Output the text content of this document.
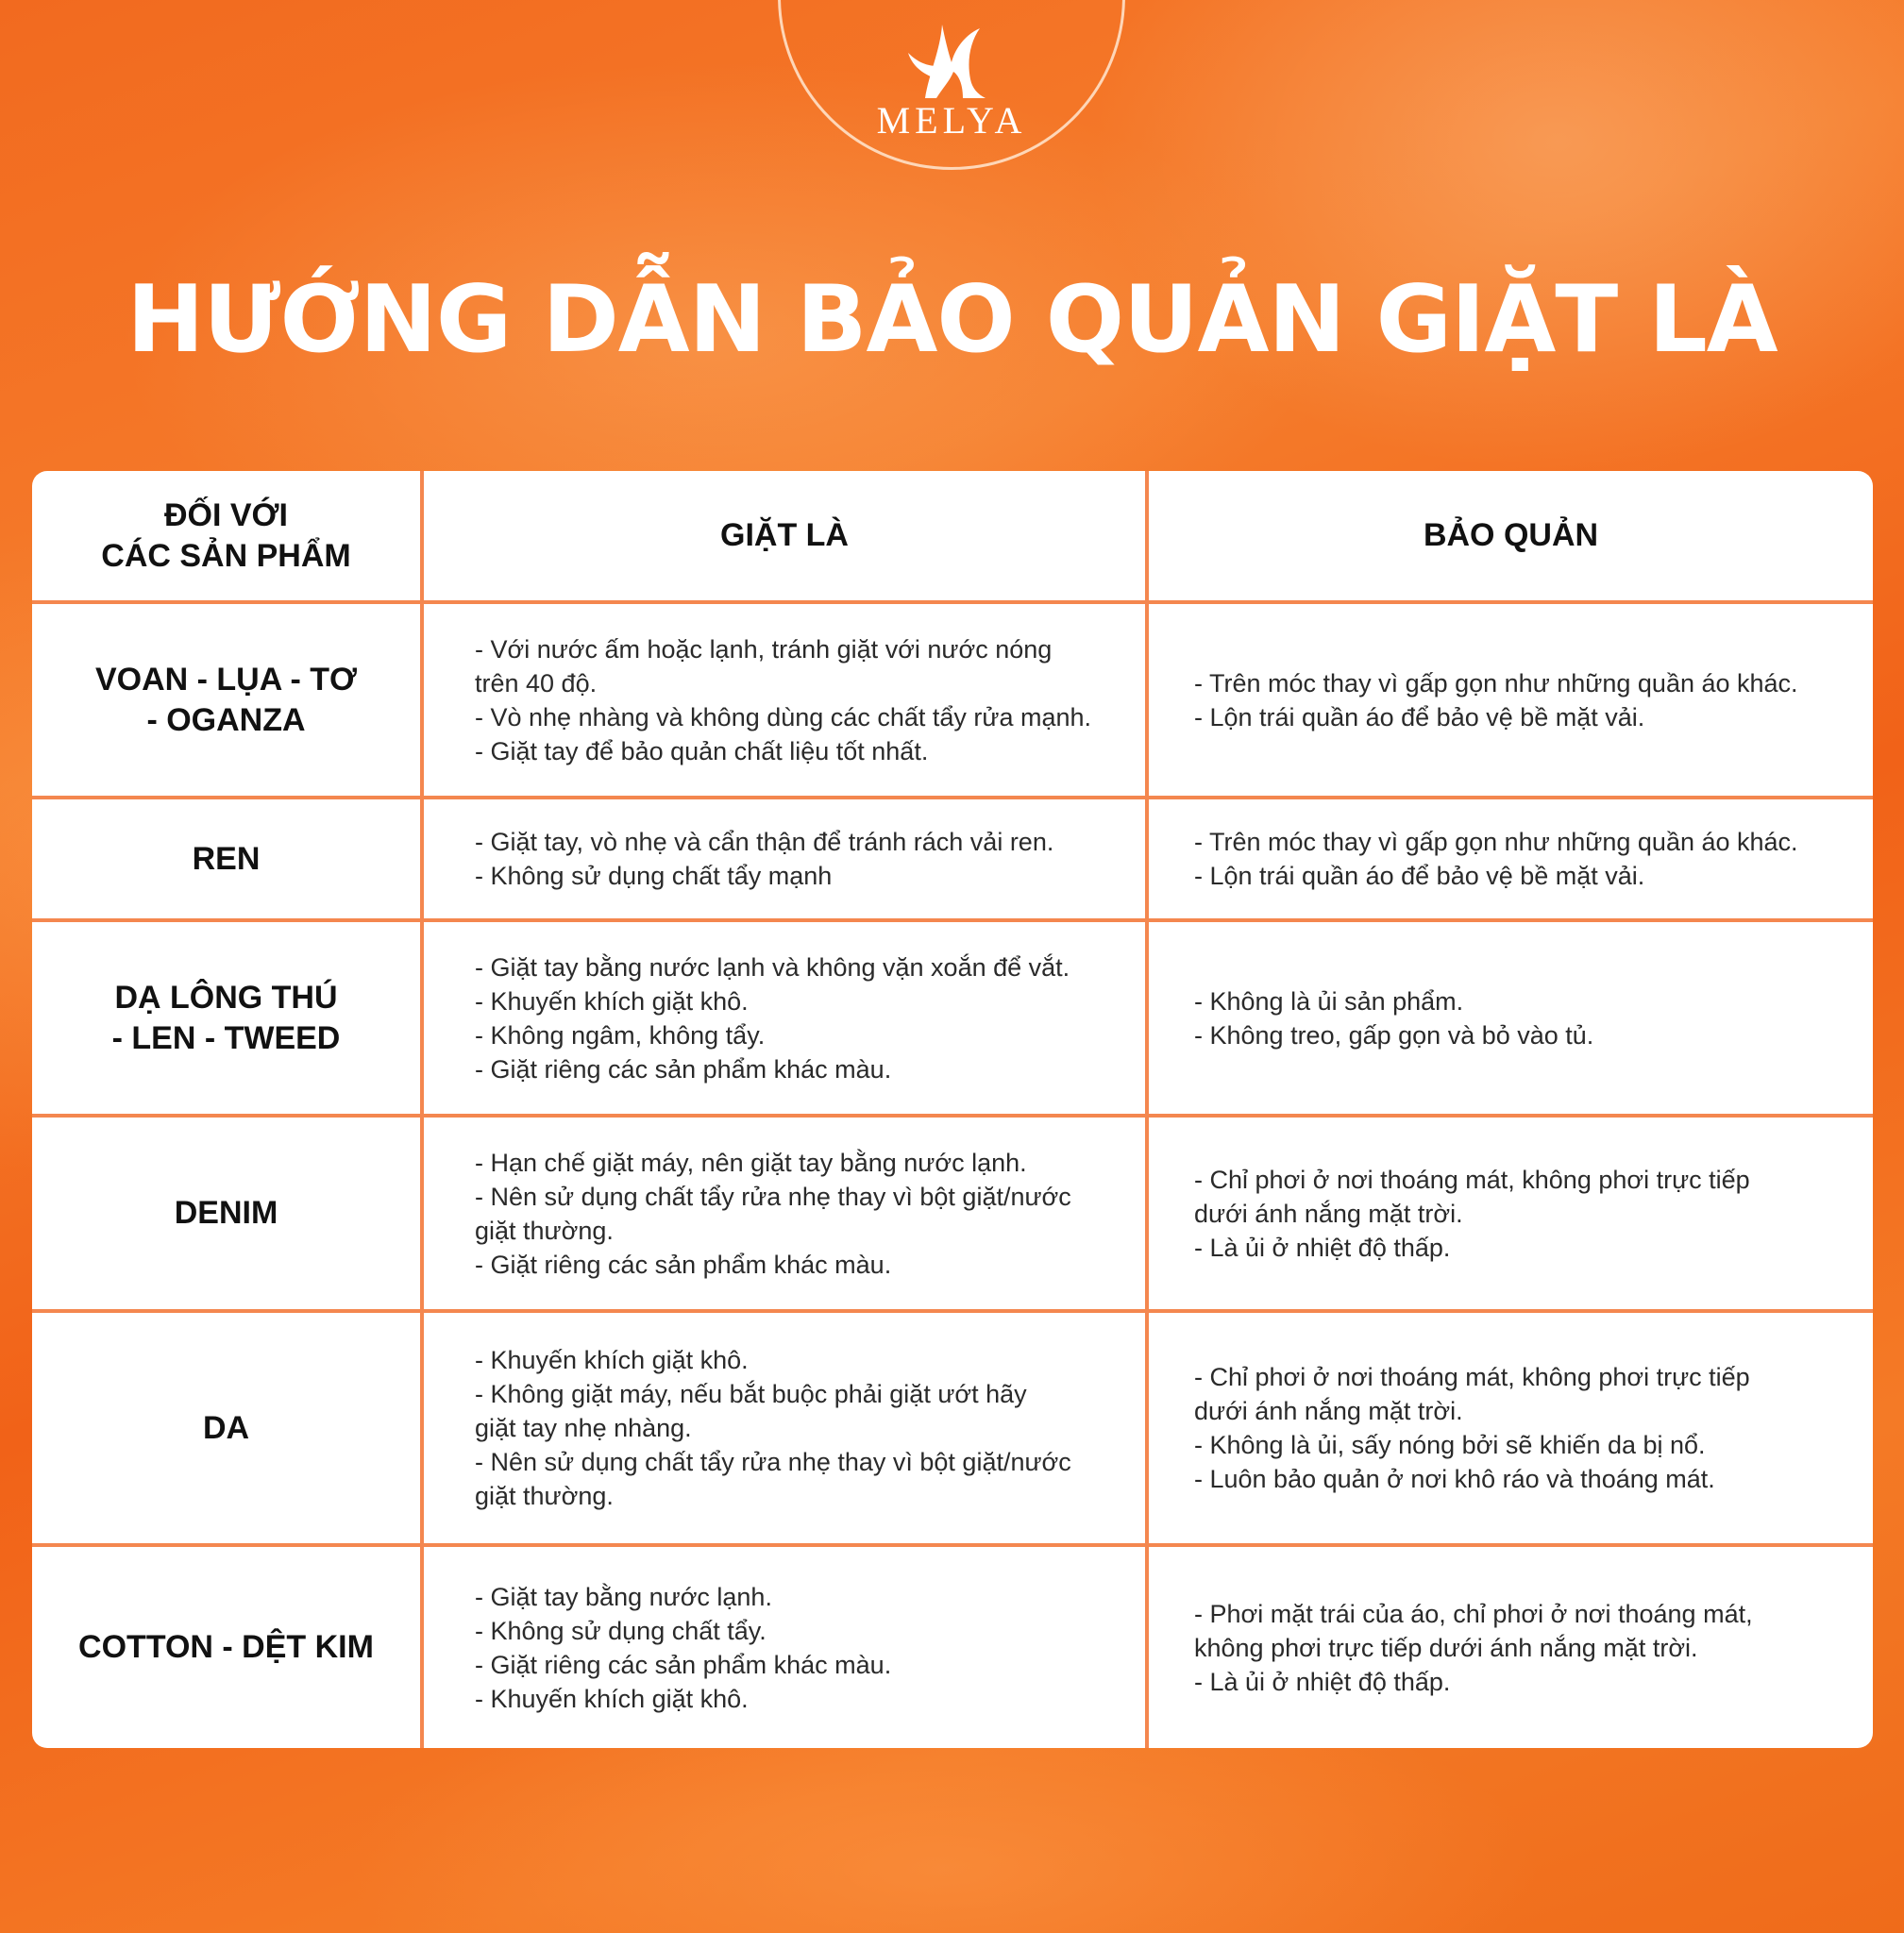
MELYA
HƯỚNG DẪN BẢO QUẢN GIẶT LÀ
ĐỐI VỚI
CÁC SẢN PHẨM
GIẶT LÀ	BẢO QUẢN
VOAN - LỤA - TƠ
- OGANZA
- Với nước ấm hoặc lạnh, tránh giặt với nước nóng
trên 40 độ.
- Vò nhẹ nhàng và không dùng các chất tẩy rửa mạnh.
- Giặt tay để bảo quản chất liệu tốt nhất.
- Trên móc thay vì gấp gọn như những quần áo khác.
- Lộn trái quần áo để bảo vệ bề mặt vải.
REN	- Giặt tay, vò nhẹ và cẩn thận để tránh rách vải ren.
- Không sử dụng chất tẩy mạnh
- Trên móc thay vì gấp gọn như những quần áo khác.
- Lộn trái quần áo để bảo vệ bề mặt vải.
DẠ LÔNG THÚ
- LEN - TWEED
- Giặt tay bằng nước lạnh và không vặn xoắn để vắt.
- Khuyến khích giặt khô.
- Không ngâm, không tẩy.
- Giặt riêng các sản phẩm khác màu.
- Không là ủi sản phẩm.
- Không treo, gấp gọn và bỏ vào tủ.
DENIM
- Hạn chế giặt máy, nên giặt tay bằng nước lạnh.
- Nên sử dụng chất tẩy rửa nhẹ thay vì bột giặt/nước
giặt thường.
- Giặt riêng các sản phẩm khác màu.
- Chỉ phơi ở nơi thoáng mát, không phơi trực tiếp
dưới ánh nắng mặt trời.
- Là ủi ở nhiệt độ thấp.
DA
- Khuyến khích giặt khô.
- Không giặt máy, nếu bắt buộc phải giặt ướt hãy
giặt tay nhẹ nhàng.
- Nên sử dụng chất tẩy rửa nhẹ thay vì bột giặt/nước
giặt thường.
- Chỉ phơi ở nơi thoáng mát, không phơi trực tiếp
dưới ánh nắng mặt trời.
- Không là ủi, sấy nóng bởi sẽ khiến da bị nổ.
- Luôn bảo quản ở nơi khô ráo và thoáng mát.
COTTON - DỆT KIM
- Giặt tay bằng nước lạnh.
- Không sử dụng chất tẩy.
- Giặt riêng các sản phẩm khác màu.
- Khuyến khích giặt khô.
- Phơi mặt trái của áo, chỉ phơi ở nơi thoáng mát,
không phơi trực tiếp dưới ánh nắng mặt trời.
- Là ủi ở nhiệt độ thấp.
